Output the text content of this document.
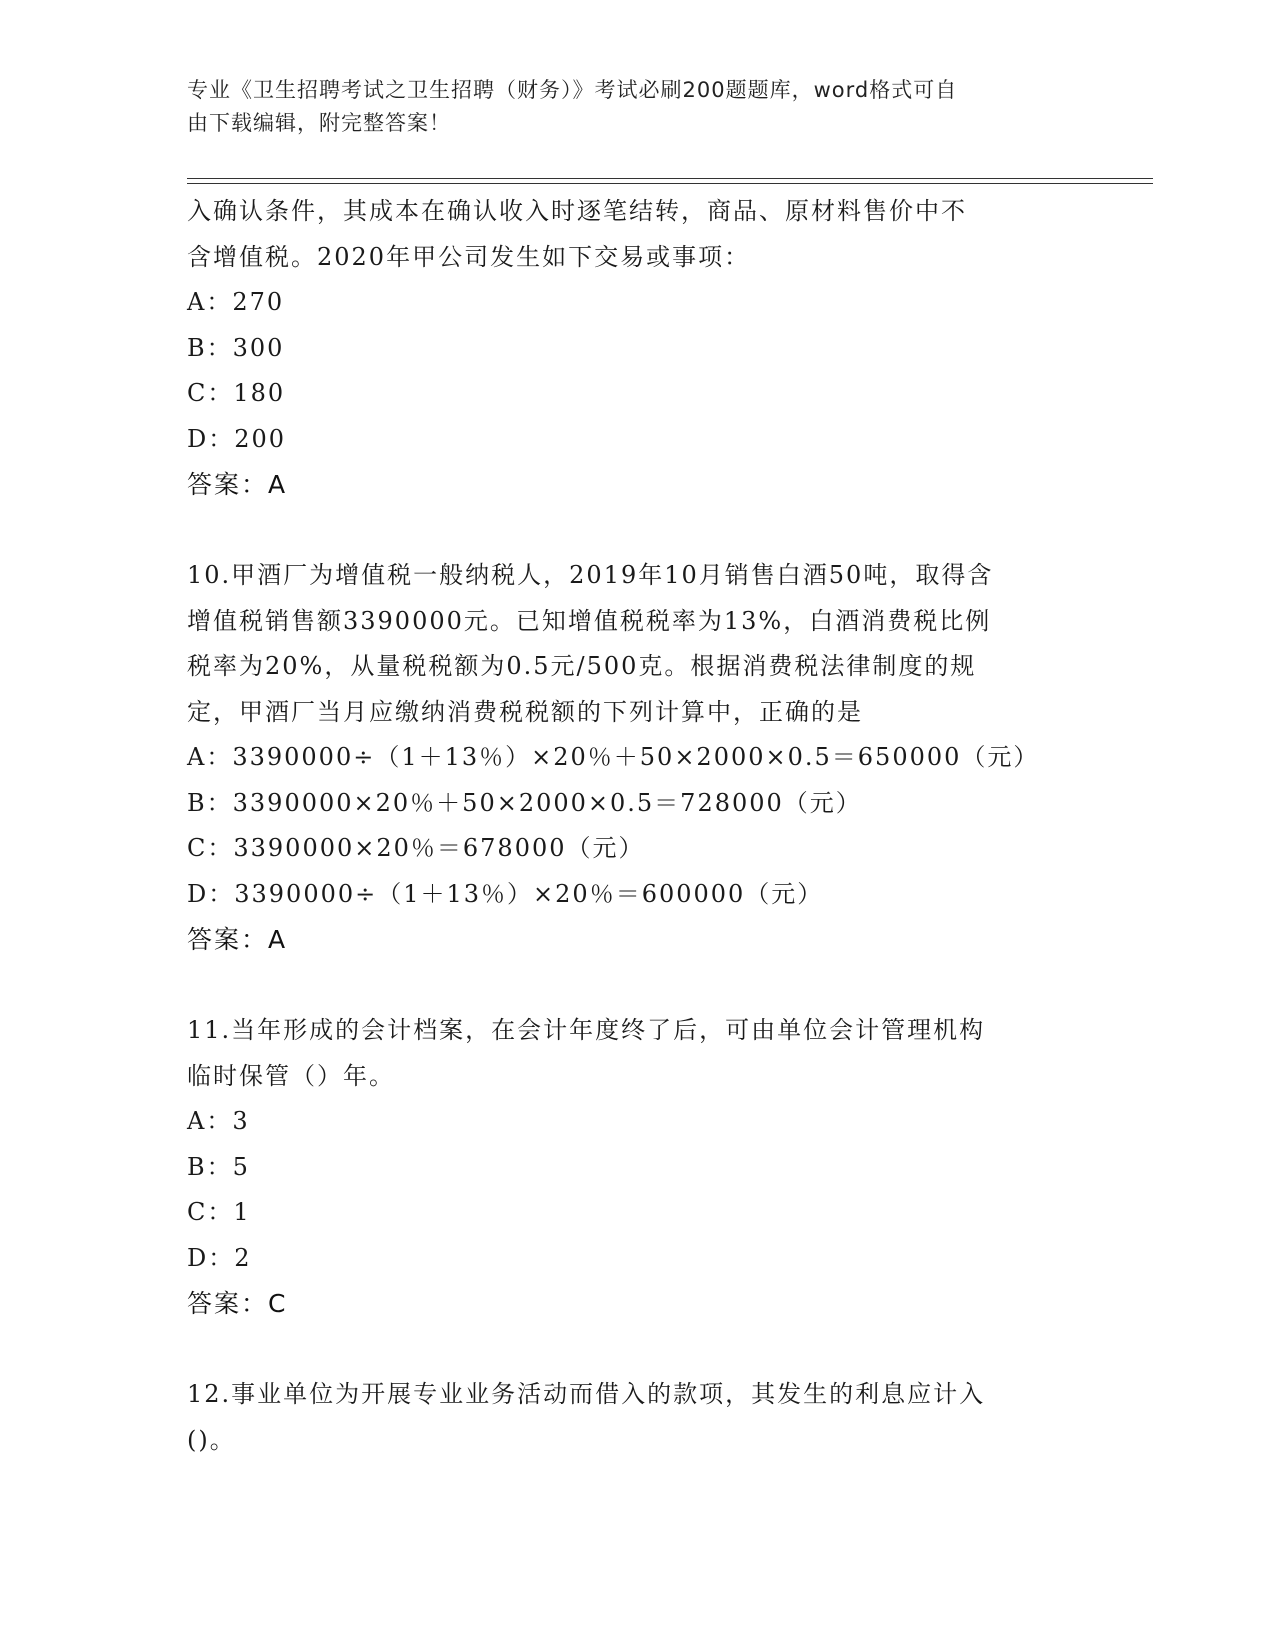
专业《卫生招聘考试之卫生招聘（财务）》考试必刷200题题库，word格式可自
由下载编辑，附完整答案！
入确认条件，其成本在确认收入时逐笔结转，商品、原材料售价中不
含增值税。2020年甲公司发生如下交易或事项：
A：270
B：300
C：180
D：200
答案：A
10.甲酒厂为增值税一般纳税人，2019年10月销售白酒50吨，取得含
增值税销售额3390000元。已知增值税税率为13%，白酒消费税比例
税率为20%，从量税税额为0.5元/500克。根据消费税法律制度的规
定，甲酒厂当月应缴纳消费税税额的下列计算中，正确的是
A：3390000÷（1＋13％）×20％＋50×2000×0.5＝650000（元）
B：3390000×20％＋50×2000×0.5＝728000（元）
C：3390000×20％＝678000（元）
D：3390000÷（1＋13％）×20％＝600000（元）
答案：A
11.当年形成的会计档案，在会计年度终了后，可由单位会计管理机构
临时保管（）年。
A：3
B：5
C：1
D：2
答案：C
12.事业单位为开展专业业务活动而借入的款项，其发生的利息应计入
()。
